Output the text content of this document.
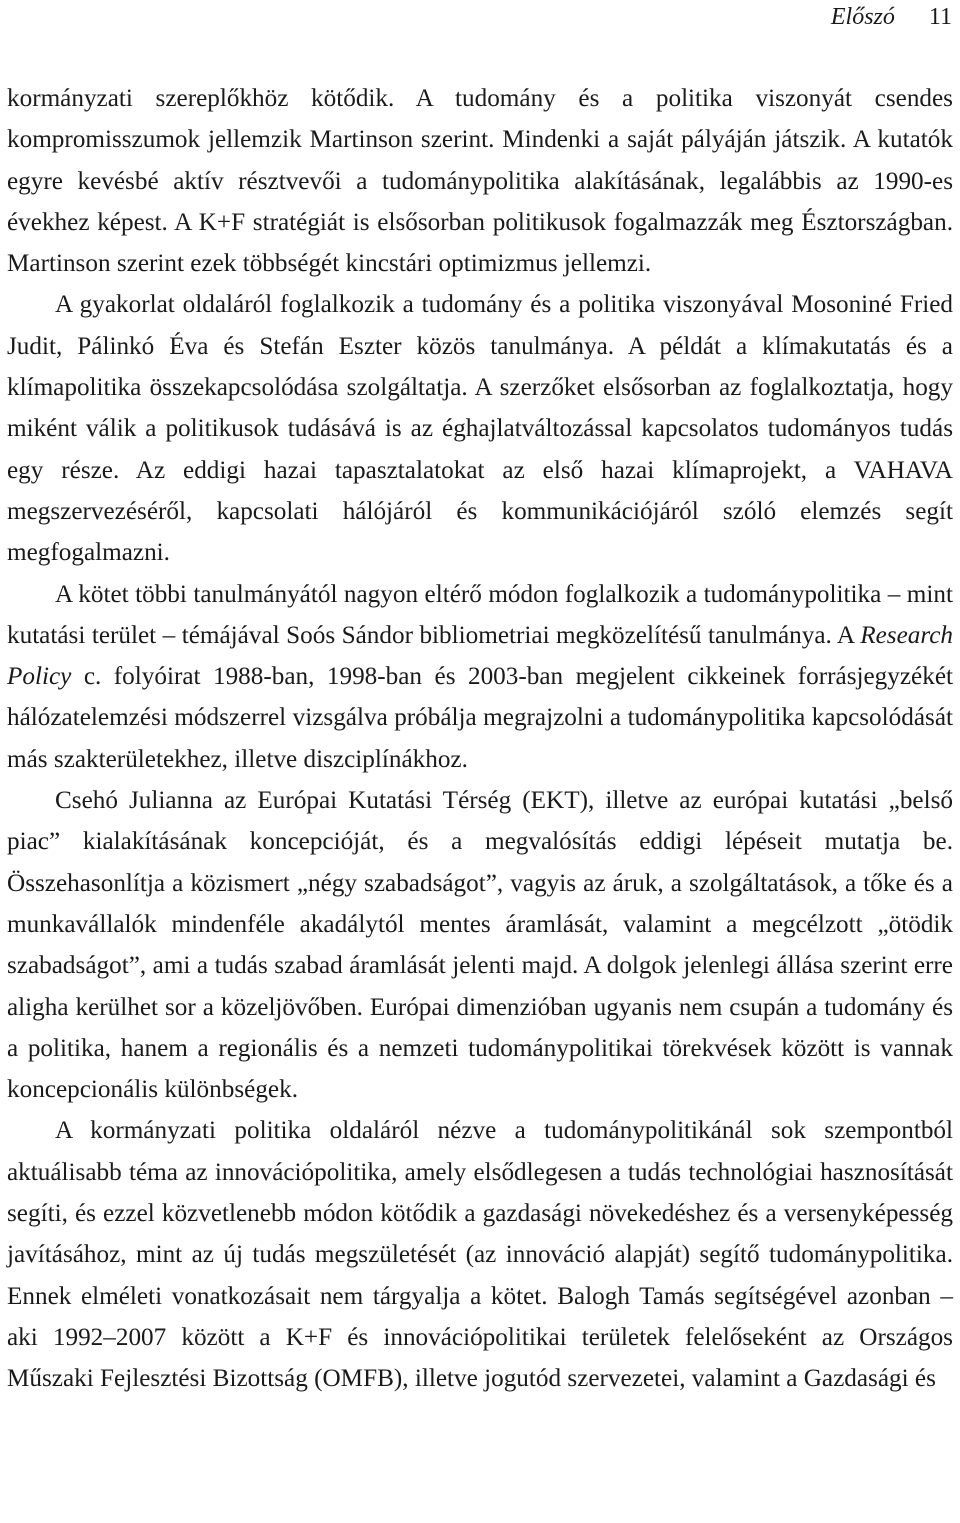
Előszó 11

kormányzati szereplőkhöz kötődik. A tudomány és a politika viszonyát csendes kompromisszumok jellemzik Martinson szerint. Mindenki a saját pályáján játszik. A kutatók egyre kevésbé aktív résztvevői a tudománypolitika alakításának, legalábbis az 1990-es évekhez képest. A K+F stratégiát is elsősorban politikusok fogalmazzák meg Észtországban. Martinson szerint ezek többségét kincstári optimizmus jellemzi.

A gyakorlat oldaláról foglalkozik a tudomány és a politika viszonyával Mosoniné Fried Judit, Pálinkó Éva és Stefán Eszter közös tanulmánya. A példát a klímakutatás és a klímapolitika összekapcsolódása szolgáltatja. A szerzőket elsősorban az foglalkoztatja, hogy miként válik a politikusok tudásává is az éghajlatváltozással kapcsolatos tudományos tudás egy része. Az eddigi hazai tapasztalatokat az első hazai klímaprojekt, a VAHAVA megszervezéséről, kapcsolati hálójáról és kommunikációjáról szóló elemzés segít megfogalmazni.

A kötet többi tanulmányától nagyon eltérő módon foglalkozik a tudománypolitika – mint kutatási terület – témájával Soós Sándor bibliometriai megközelítésű tanulmánya. A Research Policy c. folyóirat 1988-ban, 1998-ban és 2003-ban megjelent cikkeinek forrásjegyzékét hálózatelemzési módszerrel vizsgálva próbálja megrajzolni a tudománypolitika kapcsolódását más szakterületekhez, illetve diszciplínákhoz.

Csehó Julianna az Európai Kutatási Térség (EKT), illetve az európai kutatási „belső piac” kialakításának koncepcióját, és a megvalósítás eddigi lépéseit mutatja be. Összehasonlítja a közismert „négy szabadságot”, vagyis az áruk, a szolgáltatások, a tőke és a munkavállalók mindenféle akadálytól mentes áramlását, valamint a megcélzott „ötödik szabadságot”, ami a tudás szabad áramlását jelenti majd. A dolgok jelenlegi állása szerint erre aligha kerülhet sor a közeljövőben. Európai dimenzióban ugyanis nem csupán a tudomány és a politika, hanem a regionális és a nemzeti tudománypolitikai törekvések között is vannak koncepcionális különbségek.

A kormányzati politika oldaláról nézve a tudománypolitikánál sok szempontból aktuálisabb téma az innovációpolitika, amely elsődlegesen a tudás technológiai hasznosítását segíti, és ezzel közvetlenebb módon kötődik a gazdasági növekedéshez és a versenyképesség javításához, mint az új tudás megszületését (az innováció alapját) segítő tudománypolitika. Ennek elméleti vonatkozásait nem tárgyalja a kötet. Balogh Tamás segítségével azonban – aki 1992–2007 között a K+F és innovációpolitikai területek felelőseként az Országos Műszaki Fejlesztési Bizottság (OMFB), illetve jogutód szervezetei, valamint a Gazdasági és
